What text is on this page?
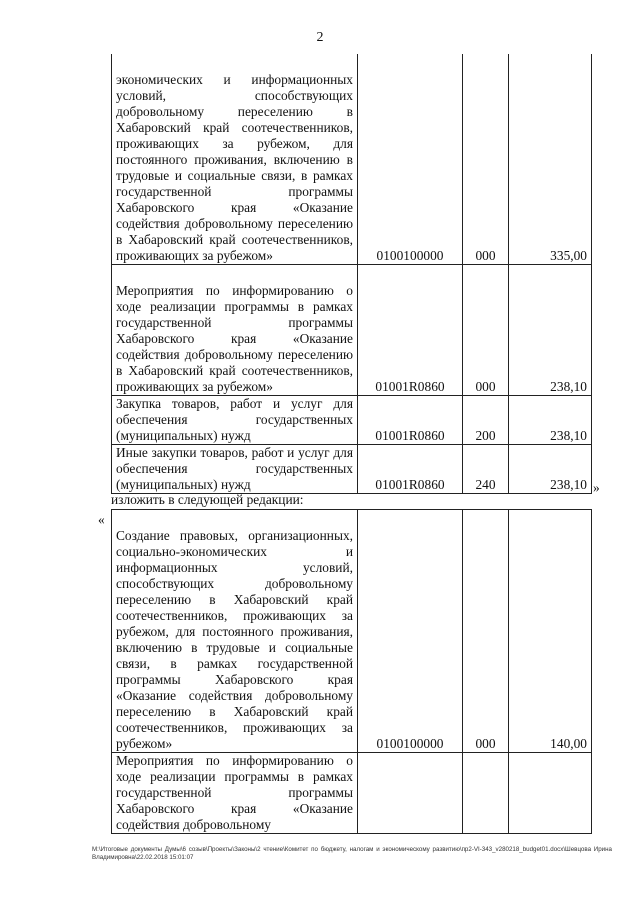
2
экономических и информационных условий, способствующих добровольному переселению в Хабаровский край соотечественников, проживающих за рубежом, для постоянного проживания, включению в трудовые и социальные связи, в рамках государственной программы Хабаровского края «Оказание содействия добровольному переселению в Хабаровский край соотечественников, проживающих за рубежом»	0100100000	000	335,00
Мероприятия по информированию о ходе реализации программы в рамках государственной программы Хабаровского края «Оказание содействия добровольному переселению в Хабаровский край соотечественников, проживающих за рубежом»	01001R0860	000	238,10
Закупка товаров, работ и услуг для обеспечения государственных (муниципальных) нужд	01001R0860	200	238,10
Иные закупки товаров, работ и услуг для обеспечения государственных (муниципальных) нужд	01001R0860	240	238,10 »
изложить в следующей редакции:
«
Создание правовых, организационных, социально-экономических и информационных условий, способствующих добровольному переселению в Хабаровский край соотечественников, проживающих за рубежом, для постоянного проживания, включению в трудовые и социальные связи, в рамках государственной программы Хабаровского края «Оказание содействия добровольному переселению в Хабаровский край соотечественников, проживающих за рубежом»	0100100000	000	140,00
Мероприятия по информированию о ходе реализации программы в рамках государственной программы Хабаровского края «Оказание содействия добровольному			
М:\Итоговые документы Думы\6 созыв\Проекты\Законы\2 чтение\Комитет по бюджету, налогам и экономическому развитию\пр2-VI-343_v280218_budget01.docx\Шевцова Ирина Владимировна\22.02.2018 15:01:07
